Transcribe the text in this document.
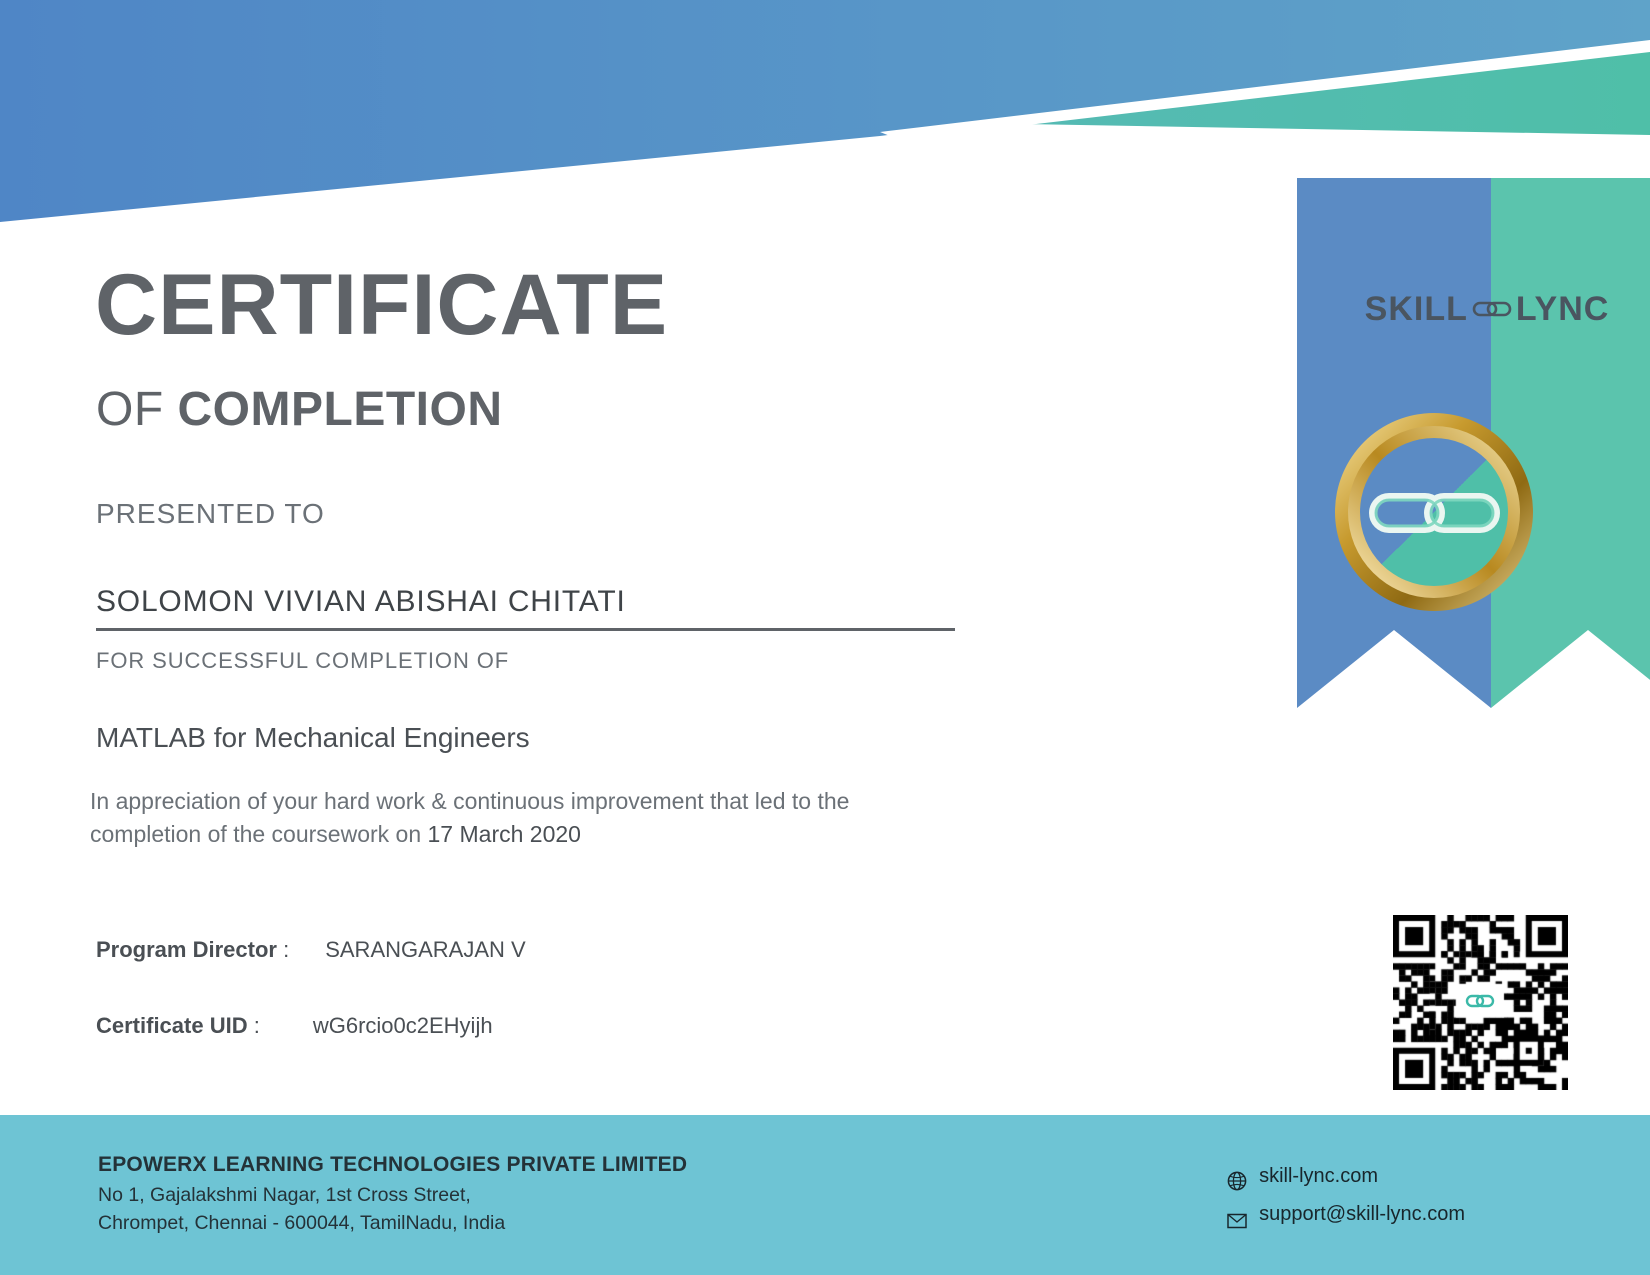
SKILL LYNC
CERTIFICATE
OF COMPLETION
PRESENTED TO
SOLOMON VIVIAN ABISHAI CHITATI
FOR SUCCESSFUL COMPLETION OF
MATLAB for Mechanical Engineers
In appreciation of your hard work & continuous improvement that led to the completion of the coursework on 17 March 2020
Program Director : SARANGARAJAN V
Certificate UID : wG6rcio0c2EHyijh
EPOWERX LEARNING TECHNOLOGIES PRIVATE LIMITED
No 1, Gajalakshmi Nagar, 1st Cross Street,
Chrompet, Chennai - 600044, TamilNadu, India
skill-lync.com
support@skill-lync.com
